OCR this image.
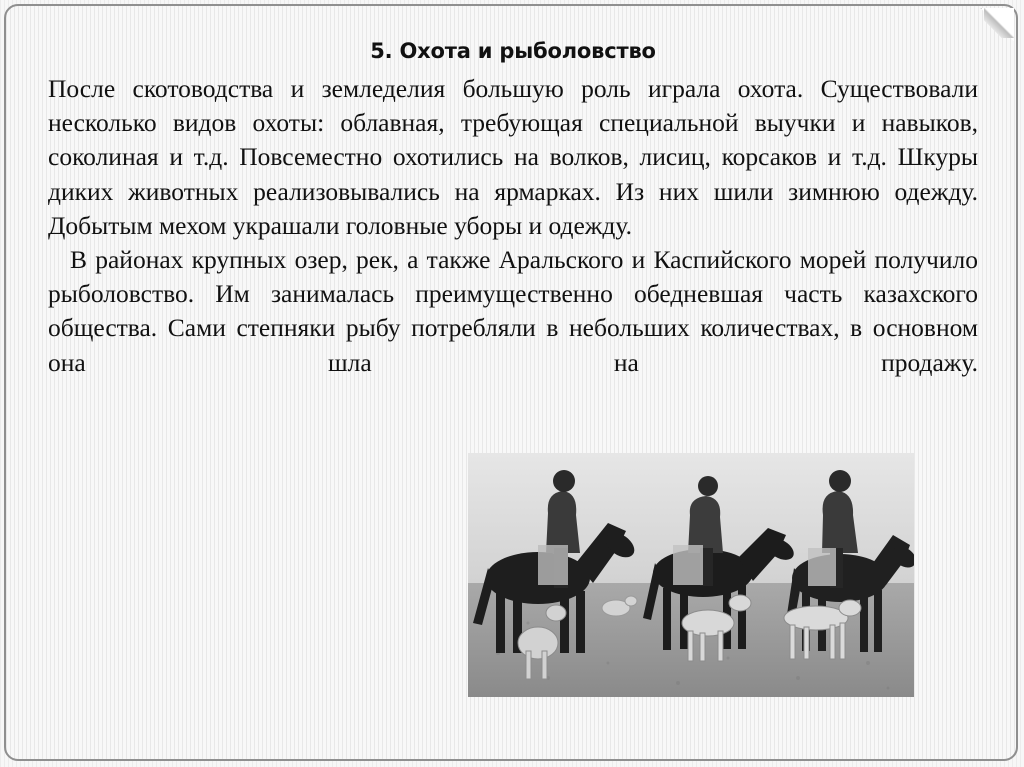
5. Охота и рыболовство

После скотоводства и земледелия большую роль играла охота. Существовали несколько видов охоты: облавная, требующая специальной выучки и навыков, соколиная и т.д. Повсеместно охотились на волков, лисиц, корсаков и т.д. Шкуры диких животных реализовывались на ярмарках. Из них шили зимнюю одежду. Добытым мехом украшали головные уборы и одежду.

В районах крупных озер, рек, а также Аральского и Каспийского морей получило рыболовство. Им занималась преимущественно обедневшая часть казахского общества. Сами степняки рыбу потребляли в небольших количествах, в основном она шла на продажу.
